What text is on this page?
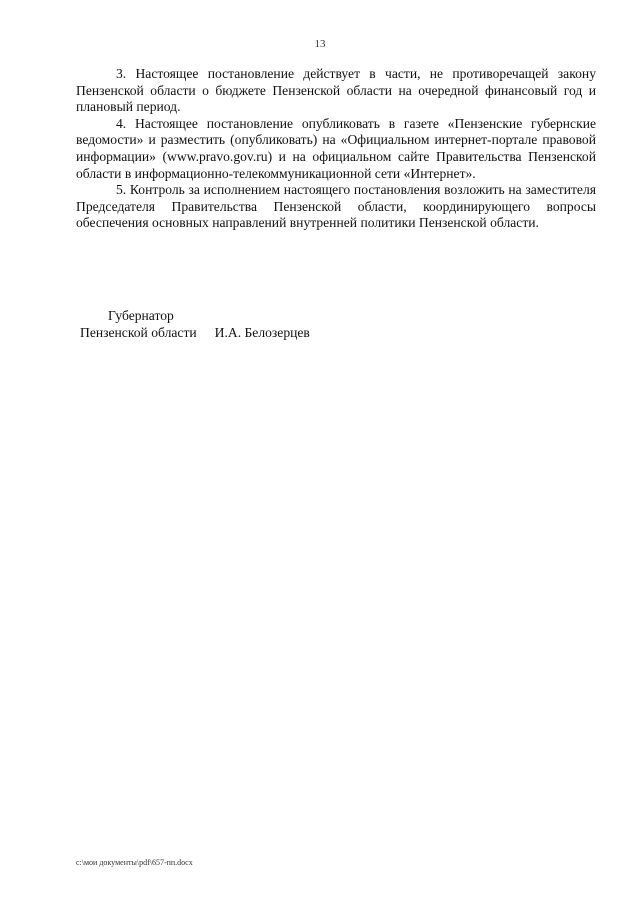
13

3. Настоящее постановление действует в части, не противоречащей закону Пензенской области о бюджете Пензенской области на очередной финансовый год и плановый период.

4. Настоящее постановление опубликовать в газете «Пензенские губернские ведомости» и разместить (опубликовать) на «Официальном интернет-портале правовой информации» (www.pravo.gov.ru) и на официальном сайте Правительства Пензенской области в информационно-телекоммуникационной сети «Интернет».

5. Контроль за исполнением настоящего постановления возложить на заместителя Председателя Правительства Пензенской области, координирующего вопросы обеспечения основных направлений внутренней политики Пензенской области.

Губернатор
Пензенской области И.А. Белозерцев
c:\мои документы\pdf\657-пп.docx
